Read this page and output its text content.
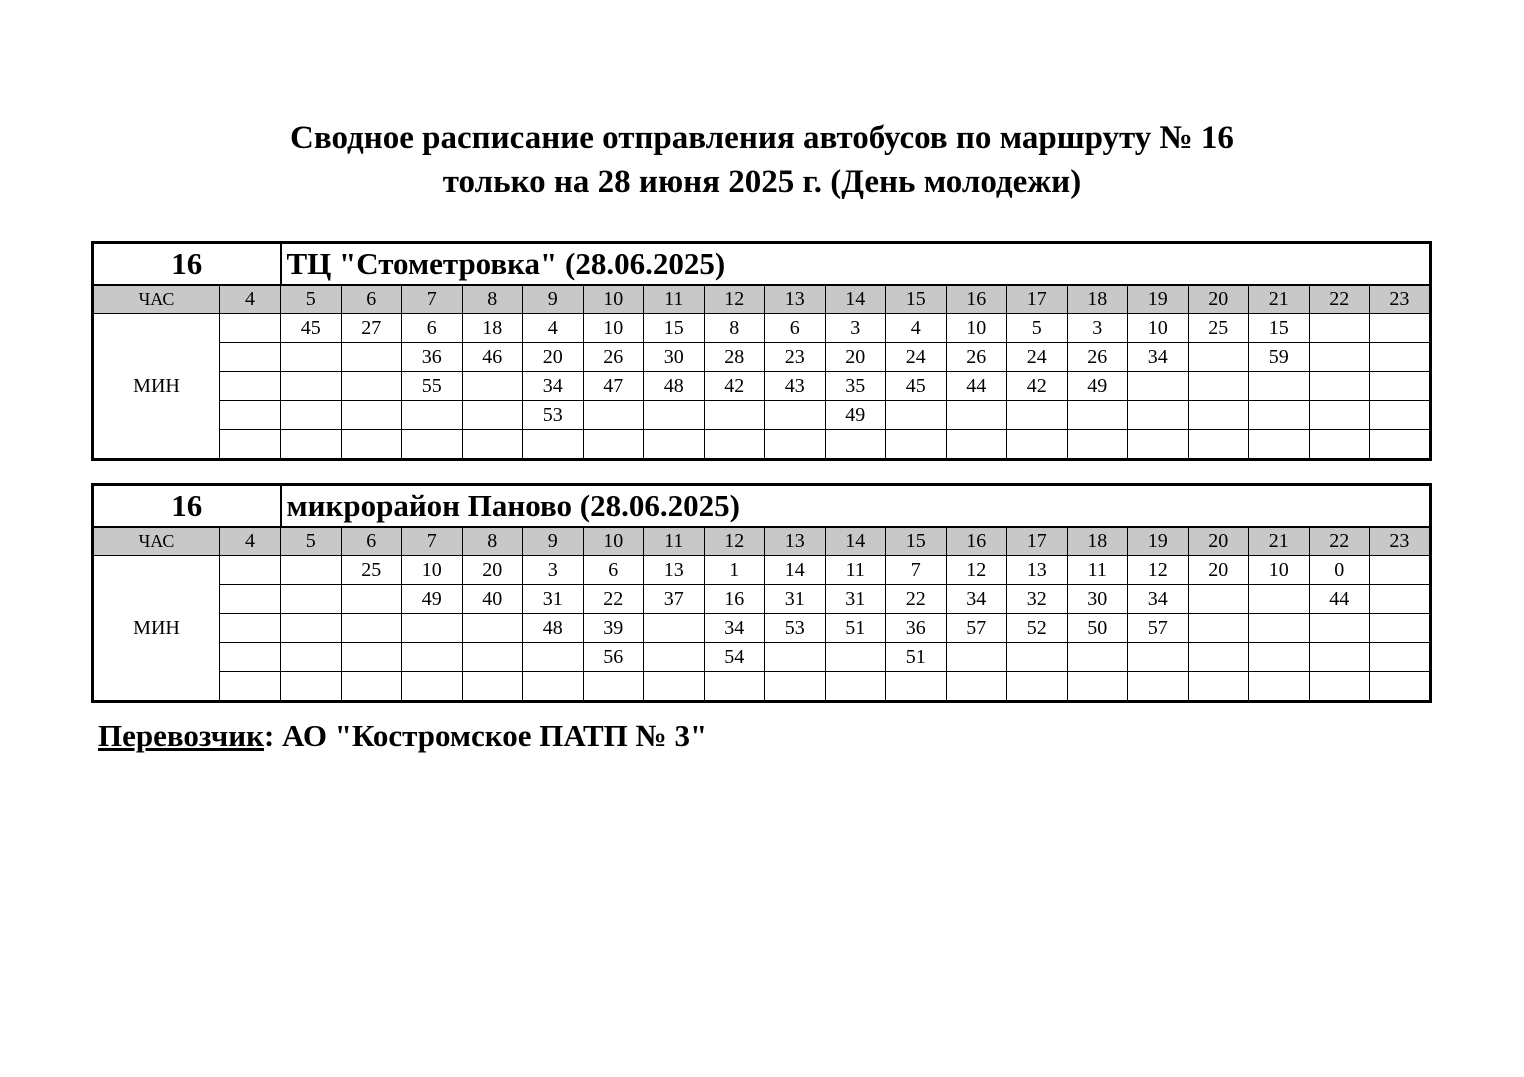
Сводное расписание отправления автобусов по маршруту № 16
только на 28 июня 2025 г. (День молодежи)
16		ТЦ "Стометровка" (28.06.2025)																		
ЧАС	4	5	6	7	8	9	10	11	12	13	14	15	16	17	18	19	20	21	22	23
МИН		45	27	6	18	4	10	15	8	6	3	4	10	5	3	10	25	15		
				36	46	20	26	30	28	23	20	24	26	24	26	34		59		
				55		34	47	48	42	43	35	45	44	42	49					
						53					49									

16		микрорайон Паново (28.06.2025)																		
ЧАС	4	5	6	7	8	9	10	11	12	13	14	15	16	17	18	19	20	21	22	23
МИН			25	10	20	3	6	13	1	14	11	7	12	13	11	12	20	10	0	
				49	40	31	22	37	16	31	31	22	34	32	30	34			44	
						48	39		34	53	51	36	57	52	50	57				
							56		54			51								

Перевозчик: АО "Костромское ПАТП № 3"
